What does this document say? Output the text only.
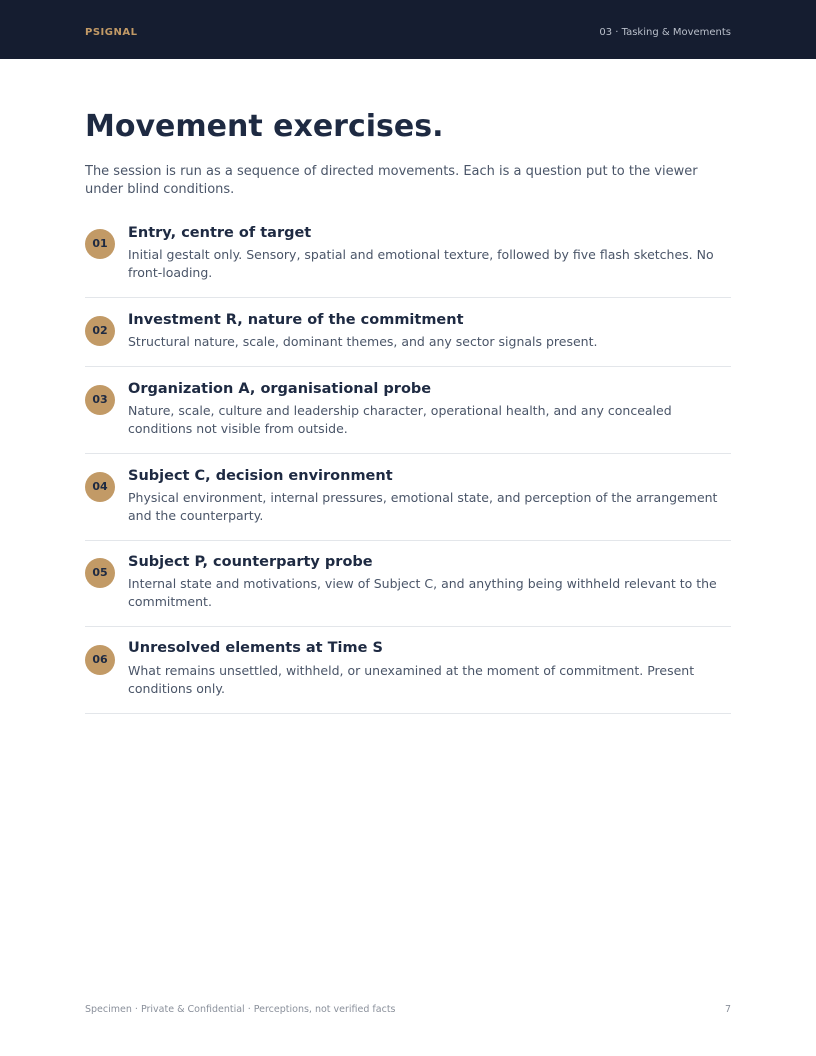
PSIGNAL	03 · Tasking & Movements
Movement exercises.

The session is run as a sequence of directed movements. Each is a question put to the viewer under blind conditions.

01
Entry, centre of target
Initial gestalt only. Sensory, spatial and emotional texture, followed by five flash sketches. No front-loading.
02
Investment R, nature of the commitment
Structural nature, scale, dominant themes, and any sector signals present.
03
Organization A, organisational probe
Nature, scale, culture and leadership character, operational health, and any concealed conditions not visible from outside.
04
Subject C, decision environment
Physical environment, internal pressures, emotional state, and perception of the arrangement and the counterparty.
05
Subject P, counterparty probe
Internal state and motivations, view of Subject C, and anything being withheld relevant to the commitment.
06
Unresolved elements at Time S
What remains unsettled, withheld, or unexamined at the moment of commitment. Present conditions only.
Specimen · Private & Confidential · Perceptions, not verified facts	7
